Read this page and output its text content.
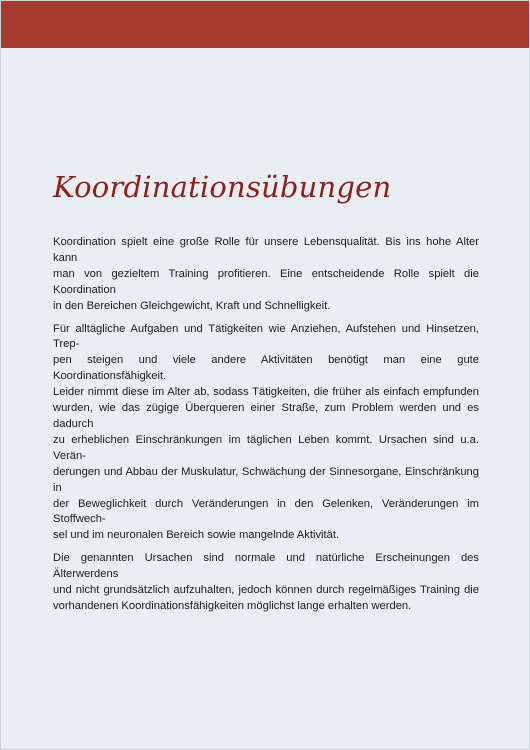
Koordinationsübungen

Koordination spielt eine große Rolle für unsere Lebensqualität. Bis ins hohe Alter kann
man von gezieltem Training profitieren. Eine entscheidende Rolle spielt die Koordination
in den Bereichen Gleichgewicht, Kraft und Schnelligkeit.

Für alltägliche Aufgaben und Tätigkeiten wie Anziehen, Aufstehen und Hinsetzen, Trep-
pen steigen und viele andere Aktivitäten benötigt man eine gute Koordinationsfähigkeit.
Leider nimmt diese im Alter ab, sodass Tätigkeiten, die früher als einfach empfunden
wurden, wie das zügige Überqueren einer Straße, zum Problem werden und es dadurch
zu erheblichen Einschränkungen im täglichen Leben kommt. Ursachen sind u.a. Verän-
derungen und Abbau der Muskulatur, Schwächung der Sinnesorgane, Einschränkung in
der Beweglichkeit durch Veränderungen in den Gelenken, Veränderungen im Stoffwech-
sel und im neuronalen Bereich sowie mangelnde Aktivität.

Die genannten Ursachen sind normale und natürliche Erscheinungen des Älterwerdens
und nicht grundsätzlich aufzuhalten, jedoch können durch regelmäßiges Training die
vorhandenen Koordinationsfähigkeiten möglichst lange erhalten werden.
